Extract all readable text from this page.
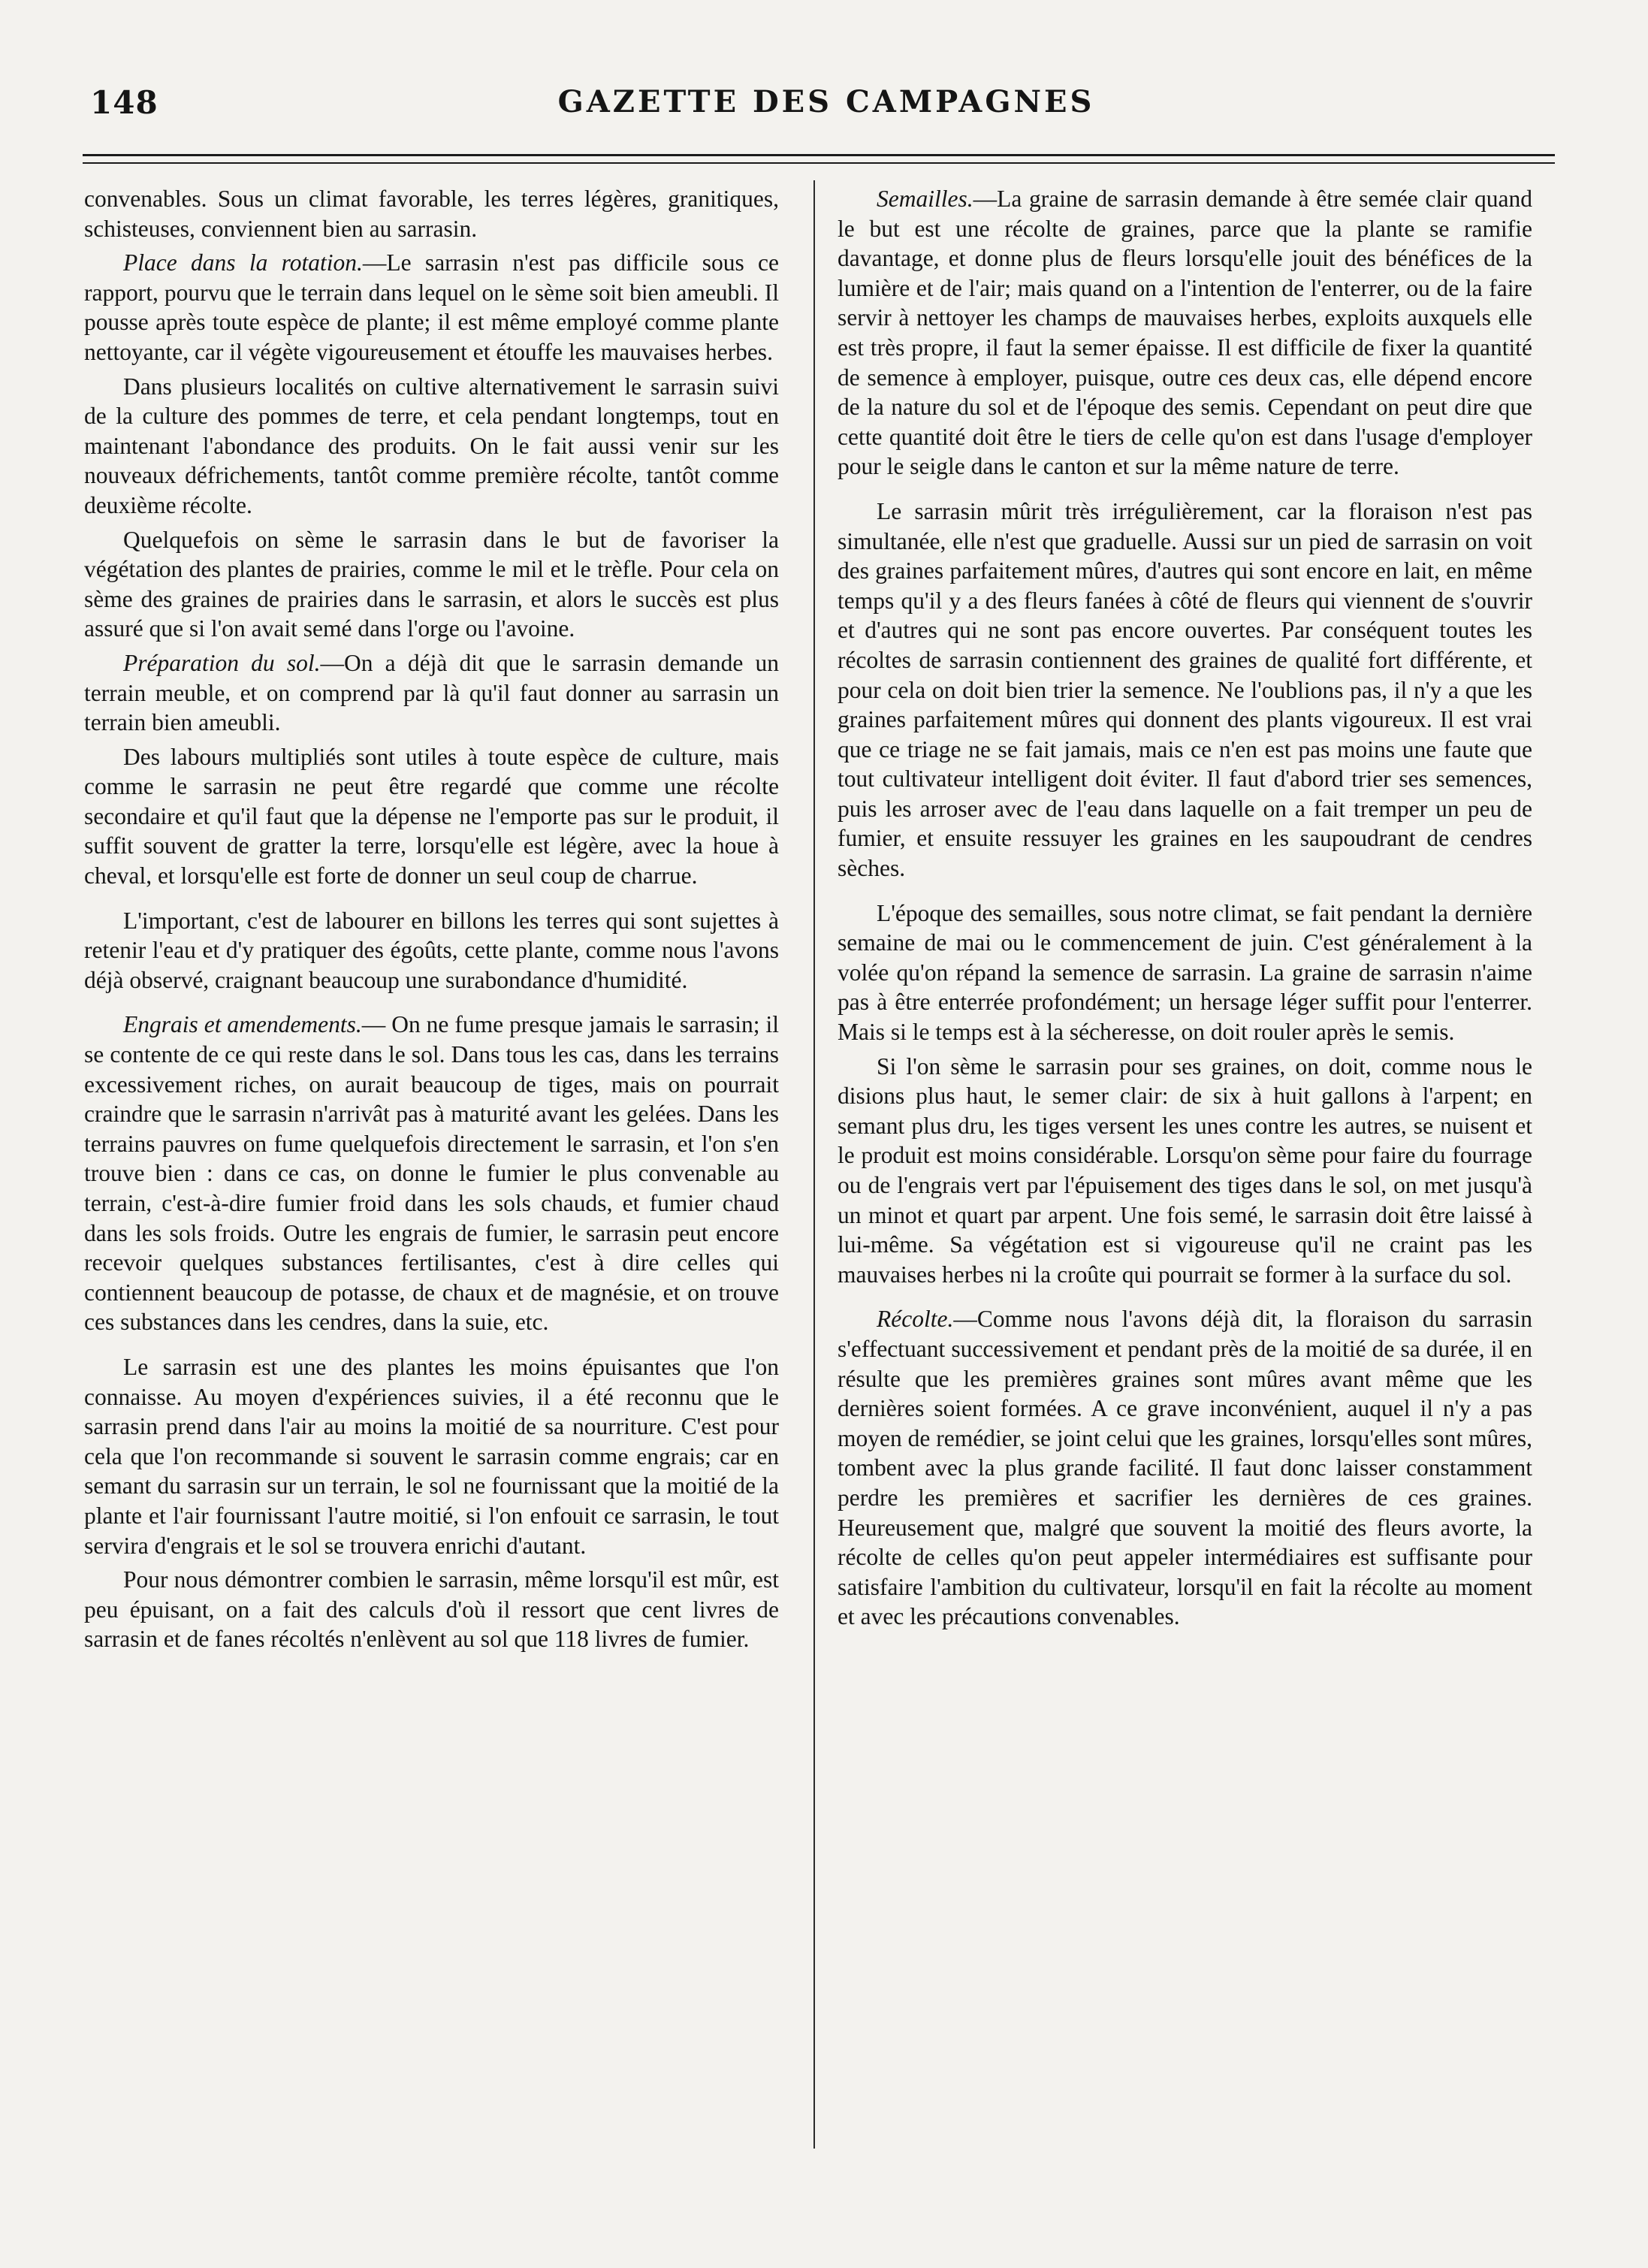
148	GAZETTE DES CAMPAGNES

convenables. Sous un climat favorable, les terres légères, granitiques, schisteuses, conviennent bien au sarrasin.

Place dans la rotation.—Le sarrasin n'est pas difficile sous ce rapport, pourvu que le terrain dans lequel on le sème soit bien ameubli. Il pousse après toute espèce de plante; il est même employé comme plante nettoyante, car il végète vigoureusement et étouffe les mauvaises herbes.

Dans plusieurs localités on cultive alternativement le sarrasin suivi de la culture des pommes de terre, et cela pendant longtemps, tout en maintenant l'abondance des produits. On le fait aussi venir sur les nouveaux défrichements, tantôt comme première récolte, tantôt comme deuxième récolte.

Quelquefois on sème le sarrasin dans le but de favoriser la végétation des plantes de prairies, comme le mil et le trèfle. Pour cela on sème des graines de prairies dans le sarrasin, et alors le succès est plus assuré que si l'on avait semé dans l'orge ou l'avoine.

Préparation du sol.—On a déjà dit que le sarrasin demande un terrain meuble, et on comprend par là qu'il faut donner au sarrasin un terrain bien ameubli.

Des labours multipliés sont utiles à toute espèce de culture, mais comme le sarrasin ne peut être regardé que comme une récolte secondaire et qu'il faut que la dépense ne l'emporte pas sur le produit, il suffit souvent de gratter la terre, lorsqu'elle est légère, avec la houe à cheval, et lorsqu'elle est forte de donner un seul coup de charrue.

L'important, c'est de labourer en billons les terres qui sont sujettes à retenir l'eau et d'y pratiquer des égoûts, cette plante, comme nous l'avons déjà observé, craignant beaucoup une surabondance d'humidité.

Engrais et amendements.— On ne fume presque jamais le sarrasin; il se contente de ce qui reste dans le sol. Dans tous les cas, dans les terrains excessivement riches, on aurait beaucoup de tiges, mais on pourrait craindre que le sarrasin n'arrivât pas à maturité avant les gelées. Dans les terrains pauvres on fume quelquefois directement le sarrasin, et l'on s'en trouve bien : dans ce cas, on donne le fumier le plus convenable au terrain, c'est-à-dire fumier froid dans les sols chauds, et fumier chaud dans les sols froids. Outre les engrais de fumier, le sarrasin peut encore recevoir quelques substances fertilisantes, c'est à dire celles qui contiennent beaucoup de potasse, de chaux et de magnésie, et on trouve ces substances dans les cendres, dans la suie, etc.

Le sarrasin est une des plantes les moins épuisantes que l'on connaisse. Au moyen d'expériences suivies, il a été reconnu que le sarrasin prend dans l'air au moins la moitié de sa nourriture. C'est pour cela que l'on recommande si souvent le sarrasin comme engrais; car en semant du sarrasin sur un terrain, le sol ne fournissant que la moitié de la plante et l'air fournissant l'autre moitié, si l'on enfouit ce sarrasin, le tout servira d'engrais et le sol se trouvera enrichi d'autant.

Pour nous démontrer combien le sarrasin, même lorsqu'il est mûr, est peu épuisant, on a fait des calculs d'où il ressort que cent livres de sarrasin et de fanes récoltés n'enlèvent au sol que 118 livres de fumier.

Semailles.—La graine de sarrasin demande à être semée clair quand le but est une récolte de graines, parce que la plante se ramifie davantage, et donne plus de fleurs lorsqu'elle jouit des bénéfices de la lumière et de l'air; mais quand on a l'intention de l'enterrer, ou de la faire servir à nettoyer les champs de mauvaises herbes, exploits auxquels elle est très propre, il faut la semer épaisse. Il est difficile de fixer la quantité de semence à employer, puisque, outre ces deux cas, elle dépend encore de la nature du sol et de l'époque des semis. Cependant on peut dire que cette quantité doit être le tiers de celle qu'on est dans l'usage d'employer pour le seigle dans le canton et sur la même nature de terre.

Le sarrasin mûrit très irrégulièrement, car la floraison n'est pas simultanée, elle n'est que graduelle. Aussi sur un pied de sarrasin on voit des graines parfaitement mûres, d'autres qui sont encore en lait, en même temps qu'il y a des fleurs fanées à côté de fleurs qui viennent de s'ouvrir et d'autres qui ne sont pas encore ouvertes. Par conséquent toutes les récoltes de sarrasin contiennent des graines de qualité fort différente, et pour cela on doit bien trier la semence. Ne l'oublions pas, il n'y a que les graines parfaitement mûres qui donnent des plants vigoureux. Il est vrai que ce triage ne se fait jamais, mais ce n'en est pas moins une faute que tout cultivateur intelligent doit éviter. Il faut d'abord trier ses semences, puis les arroser avec de l'eau dans laquelle on a fait tremper un peu de fumier, et ensuite ressuyer les graines en les saupoudrant de cendres sèches.

L'époque des semailles, sous notre climat, se fait pendant la dernière semaine de mai ou le commencement de juin. C'est généralement à la volée qu'on répand la semence de sarrasin. La graine de sarrasin n'aime pas à être enterrée profondément; un hersage léger suffit pour l'enterrer. Mais si le temps est à la sécheresse, on doit rouler après le semis.

Si l'on sème le sarrasin pour ses graines, on doit, comme nous le disions plus haut, le semer clair: de six à huit gallons à l'arpent; en semant plus dru, les tiges versent les unes contre les autres, se nuisent et le produit est moins considérable. Lorsqu'on sème pour faire du fourrage ou de l'engrais vert par l'épuisement des tiges dans le sol, on met jusqu'à un minot et quart par arpent. Une fois semé, le sarrasin doit être laissé à lui-même. Sa végétation est si vigoureuse qu'il ne craint pas les mauvaises herbes ni la croûte qui pourrait se former à la surface du sol.

Récolte.—Comme nous l'avons déjà dit, la floraison du sarrasin s'effectuant successivement et pendant près de la moitié de sa durée, il en résulte que les premières graines sont mûres avant même que les dernières soient formées. A ce grave inconvénient, auquel il n'y a pas moyen de remédier, se joint celui que les graines, lorsqu'elles sont mûres, tombent avec la plus grande facilité. Il faut donc laisser constamment perdre les premières et sacrifier les dernières de ces graines. Heureusement que, malgré que souvent la moitié des fleurs avorte, la récolte de celles qu'on peut appeler intermédiaires est suffisante pour satisfaire l'ambition du cultivateur, lorsqu'il en fait la récolte au moment et avec les précautions convenables.
